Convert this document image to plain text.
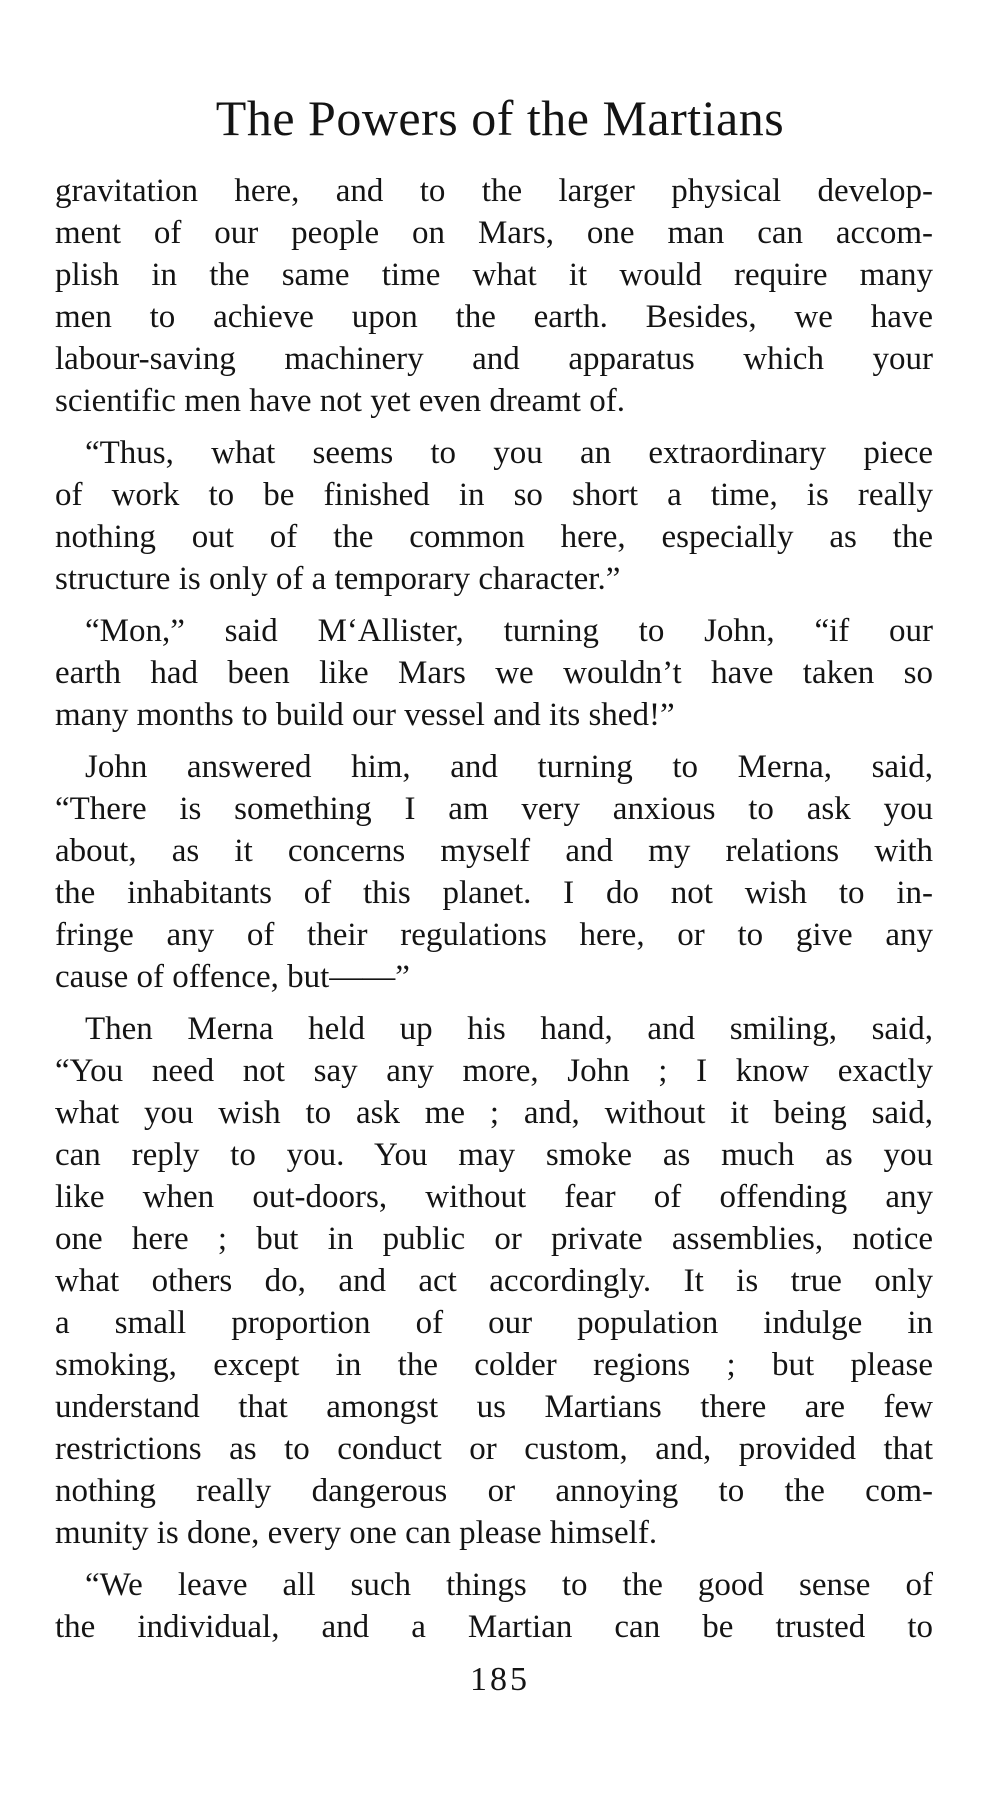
The Powers of the Martians

gravitation here, and to the larger physical develop-
ment of our people on Mars, one man can accom-
plish in the same time what it would require many
men to achieve upon the earth. Besides, we have
labour-saving machinery and apparatus which your
scientific men have not yet even dreamt of.

“Thus, what seems to you an extraordinary piece
of work to be finished in so short a time, is really
nothing out of the common here, especially as the
structure is only of a temporary character.”

“Mon,” said M‘Allister, turning to John, “if our
earth had been like Mars we wouldn’t have taken so
many months to build our vessel and its shed!”

John answered him, and turning to Merna, said,
“There is something I am very anxious to ask you
about, as it concerns myself and my relations with
the inhabitants of this planet. I do not wish to in-
fringe any of their regulations here, or to give any
cause of offence, but——”

Then Merna held up his hand, and smiling, said,
“You need not say any more, John ; I know exactly
what you wish to ask me ; and, without it being said,
can reply to you. You may smoke as much as you
like when out-doors, without fear of offending any
one here ; but in public or private assemblies, notice
what others do, and act accordingly. It is true only
a small proportion of our population indulge in
smoking, except in the colder regions ; but please
understand that amongst us Martians there are few
restrictions as to conduct or custom, and, provided that
nothing really dangerous or annoying to the com-
munity is done, every one can please himself.

“We leave all such things to the good sense of
the individual, and a Martian can be trusted to

185
